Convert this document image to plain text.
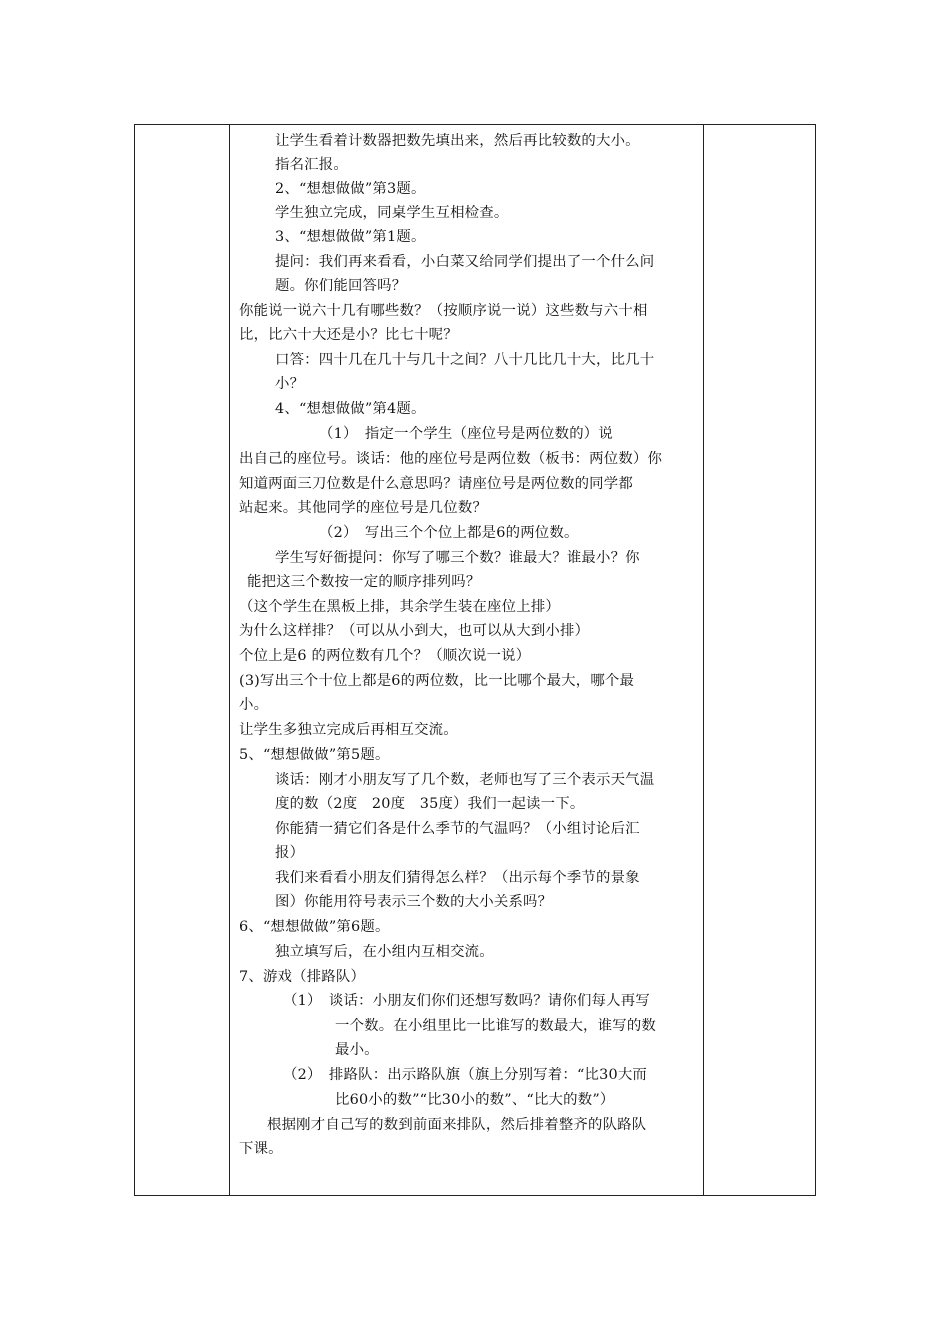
让学生看着计数器把数先填出来，然后再比较数的大小。
指名汇报。
2、“想想做做”第3题。
学生独立完成，同桌学生互相检查。
3、“想想做做”第1题。
提问：我们再来看看，小白菜又给同学们提出了一个什么问
题。你们能回答吗？
你能说一说六十几有哪些数？（按顺序说一说）这些数与六十相
比，比六十大还是小？比七十呢？
口答：四十几在几十与几十之间？八十几比几十大，比几十
小？
4、“想想做做”第4题。
（1）　指定一个学生（座位号是两位数的）说
出自己的座位号。谈话：他的座位号是两位数（板书：两位数）你
知道两面三刀位数是什么意思吗？请座位号是两位数的同学都
站起来。其他同学的座位号是几位数？
（2）　写出三个个位上都是6的两位数。
学生写好衙提问：你写了哪三个数？谁最大？谁最小？你
能把这三个数按一定的顺序排列吗？
（这个学生在黑板上排，其余学生装在座位上排）
为什么这样排？（可以从小到大，也可以从大到小排）
个位上是6 的两位数有几个？（顺次说一说）
(3)写出三个十位上都是6的两位数，比一比哪个最大，哪个最
小。
让学生多独立完成后再相互交流。
5、“想想做做”第5题。
谈话：刚才小朋友写了几个数，老师也写了三个表示天气温
度的数（2度　20度　35度）我们一起读一下。
你能猜一猜它们各是什么季节的气温吗？（小组讨论后汇
报）
我们来看看小朋友们猜得怎么样？（出示每个季节的景象
图）你能用符号表示三个数的大小关系吗？
6、“想想做做”第6题。
独立填写后，在小组内互相交流。
7、游戏（排路队）
（1）　谈话：小朋友们你们还想写数吗？请你们每人再写
一个数。在小组里比一比谁写的数最大，谁写的数
最小。
（2）　排路队：出示路队旗（旗上分别写着：“比30大而
比60小的数”“比30小的数”、“比大的数”）
根据刚才自己写的数到前面来排队，然后排着整齐的队路队
下课。
